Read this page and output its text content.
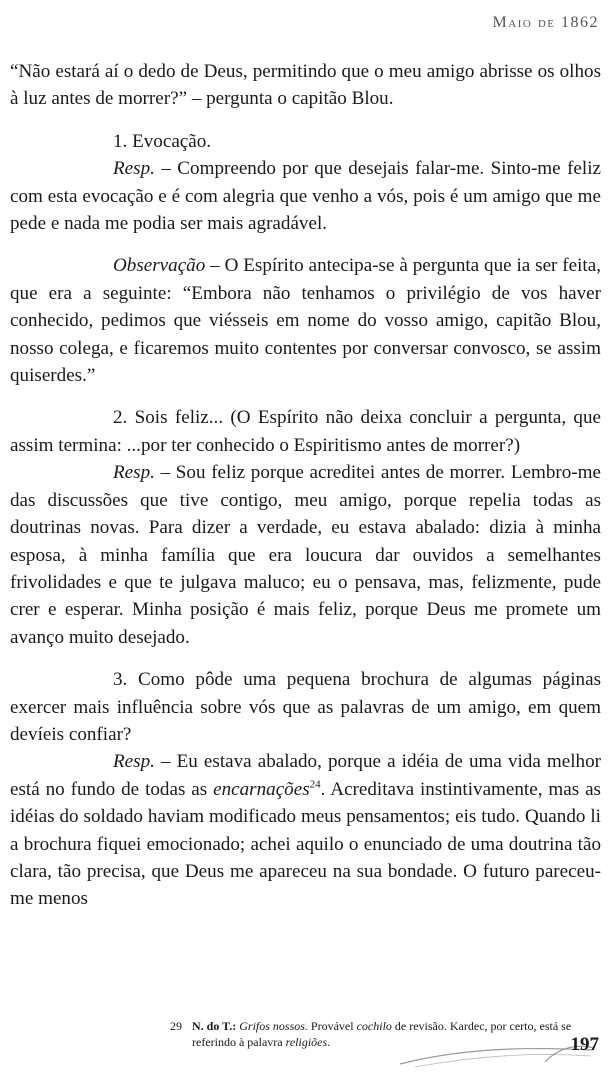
Maio de 1862

“Não estará aí o dedo de Deus, permitindo que o meu amigo abrisse os olhos à luz antes de morrer?” – pergunta o capitão Blou.

1. Evocação.

Resp. – Compreendo por que desejais falar-me. Sinto-me feliz com esta evocação e é com alegria que venho a vós, pois é um amigo que me pede e nada me podia ser mais agradável.

Observação – O Espírito antecipa-se à pergunta que ia ser feita, que era a seguinte: “Embora não tenhamos o privilégio de vos haver conhecido, pedimos que viésseis em nome do vosso amigo, capitão Blou, nosso colega, e ficaremos muito contentes por conversar convosco, se assim quiserdes.”

2. Sois feliz... (O Espírito não deixa concluir a pergunta, que assim termina: ...por ter conhecido o Espiritismo antes de morrer?)

Resp. – Sou feliz porque acreditei antes de morrer. Lembro-me das discussões que tive contigo, meu amigo, porque repelia todas as doutrinas novas. Para dizer a verdade, eu estava abalado: dizia à minha esposa, à minha família que era loucura dar ouvidos a semelhantes frivolidades e que te julgava maluco; eu o pensava, mas, felizmente, pude crer e esperar. Minha posição é mais feliz, porque Deus me promete um avanço muito desejado.

3. Como pôde uma pequena brochura de algumas páginas exercer mais influência sobre vós que as palavras de um amigo, em quem devíeis confiar?

Resp. – Eu estava abalado, porque a idéia de uma vida melhor está no fundo de todas as encarnações$^{24}$. Acreditava instintivamente, mas as idéias do soldado haviam modificado meus pensamentos; eis tudo. Quando li a brochura fiquei emocionado; achei aquilo o enunciado de uma doutrina tão clara, tão precisa, que Deus me apareceu na sua bondade. O futuro pareceu-me menos

29 N. do T.: Grifos nossos. Provável cochilo de revisão. Kardec, por certo, está se referindo à palavra religiões.	197
